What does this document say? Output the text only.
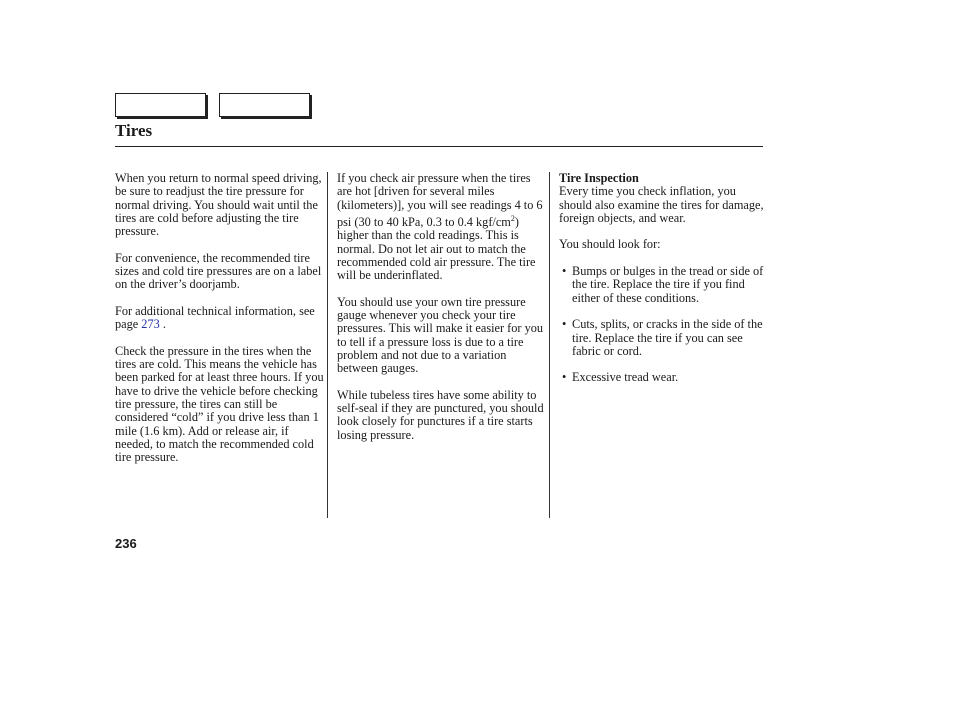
Tires

When you return to normal speed driving, be sure to readjust the tire pressure for normal driving. You should wait until the tires are cold before adjusting the tire pressure.

For convenience, the recommended tire sizes and cold tire pressures are on a label on the driver’s doorjamb.

For additional technical information, see page 273 .

Check the pressure in the tires when the tires are cold. This means the vehicle has been parked for at least three hours. If you have to drive the vehicle before checking tire pressure, the tires can still be considered “cold” if you drive less than 1 mile (1.6 km). Add or release air, if needed, to match the recommended cold tire pressure.

If you check air pressure when the tires are hot [driven for several miles (kilometers)], you will see readings 4 to 6 psi (30 to 40 kPa, 0.3 to 0.4 kgf/$cm^2$) higher than the cold readings. This is normal. Do not let air out to match the recommended cold air pressure. The tire will be underinflated.

You should use your own tire pressure gauge whenever you check your tire pressures. This will make it easier for you to tell if a pressure loss is due to a tire problem and not due to a variation between gauges.

While tubeless tires have some ability to self-seal if they are punctured, you should look closely for punctures if a tire starts losing pressure.

Tire Inspection

Every time you check inflation, you should also examine the tires for damage, foreign objects, and wear.

You should look for:

• Bumps or bulges in the tread or side of the tire. Replace the tire if you find either of these conditions.
• Cuts, splits, or cracks in the side of the tire. Replace the tire if you can see fabric or cord.
• Excessive tread wear.
236
